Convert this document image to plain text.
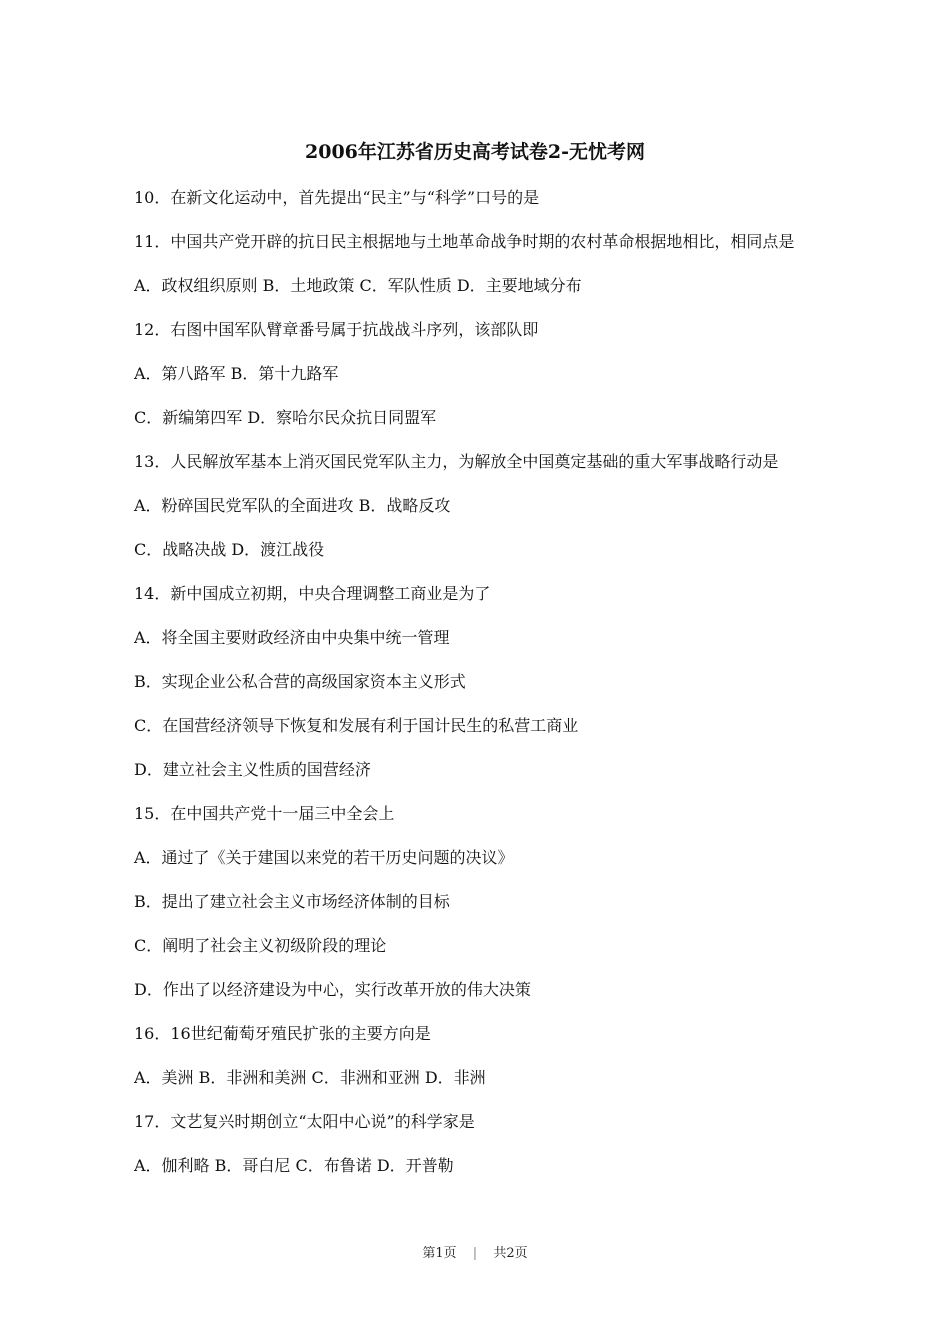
2006年江苏省历史高考试卷2-无忧考网

10．在新文化运动中，首先提出“民主”与“科学”口号的是

11．中国共产党开辟的抗日民主根据地与土地革命战争时期的农村革命根据地相比，相同点是

A．政权组织原则 B．土地政策 C．军队性质 D．主要地域分布

12．右图中国军队臂章番号属于抗战战斗序列，该部队即

A．第八路军 B．第十九路军

C．新编第四军 D．察哈尔民众抗日同盟军

13．人民解放军基本上消灭国民党军队主力，为解放全中国奠定基础的重大军事战略行动是

A．粉碎国民党军队的全面进攻 B．战略反攻

C．战略决战 D．渡江战役

14．新中国成立初期，中央合理调整工商业是为了

A．将全国主要财政经济由中央集中统一管理

B．实现企业公私合营的高级国家资本主义形式

C．在国营经济领导下恢复和发展有利于国计民生的私营工商业

D．建立社会主义性质的国营经济

15．在中国共产党十一届三中全会上

A．通过了《关于建国以来党的若干历史问题的决议》

B．提出了建立社会主义市场经济体制的目标

C．阐明了社会主义初级阶段的理论

D．作出了以经济建设为中心，实行改革开放的伟大决策

16．16世纪葡萄牙殖民扩张的主要方向是

A．美洲 B．非洲和美洲 C．非洲和亚洲 D．非洲

17．文艺复兴时期创立“太阳中心说”的科学家是

A．伽利略 B．哥白尼 C．布鲁诺 D．开普勒

第1页 | 共2页
